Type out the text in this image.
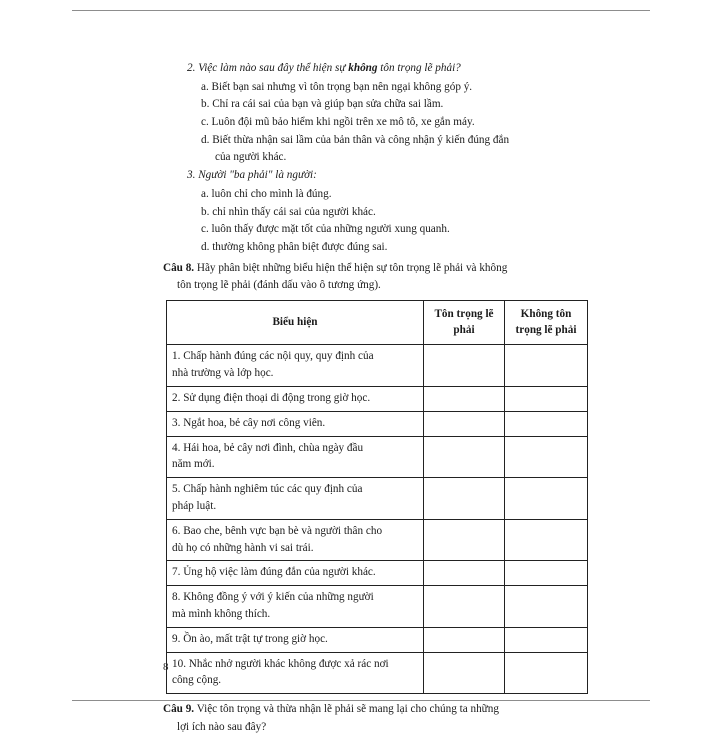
2. Việc làm nào sau đây thể hiện sự không tôn trọng lẽ phải?
a. Biết bạn sai nhưng vì tôn trọng bạn nên ngại không góp ý.
b. Chỉ ra cái sai của bạn và giúp bạn sửa chữa sai lầm.
c. Luôn đội mũ bảo hiểm khi ngồi trên xe mô tô, xe gắn máy.
d. Biết thừa nhận sai lầm của bản thân và công nhận ý kiến đúng đắn
của người khác.
3. Người "ba phải" là người:
a. luôn chỉ cho mình là đúng.
b. chỉ nhìn thấy cái sai của người khác.
c. luôn thấy được mặt tốt của những người xung quanh.
d. thường không phân biệt được đúng sai.
Câu 8. Hãy phân biệt những biểu hiện thể hiện sự tôn trọng lẽ phải và không
tôn trọng lẽ phải (đánh dấu vào ô tương ứng).
Biểu hiện	Tôn trọng lẽ phải	Không tôn trọng lẽ phải

1. Chấp hành đúng các nội quy, quy định của
nhà trường và lớp học.		

2. Sử dụng điện thoại di động trong giờ học.		

3. Ngắt hoa, bẻ cây nơi công viên.		

4. Hái hoa, bẻ cây nơi đình, chùa ngày đầu
năm mới.		

5. Chấp hành nghiêm túc các quy định của
pháp luật.		

6. Bao che, bênh vực bạn bè và người thân cho
dù họ có những hành vi sai trái.		

7. Ủng hộ việc làm đúng đắn của người khác.		

8. Không đồng ý với ý kiến của những người
mà mình không thích.		

9. Ồn ào, mất trật tự trong giờ học.		

10. Nhắc nhở người khác không được xả rác nơi
công cộng.		

Câu 9. Việc tôn trọng và thừa nhận lẽ phải sẽ mang lại cho chúng ta những
lợi ích nào sau đây?
8
